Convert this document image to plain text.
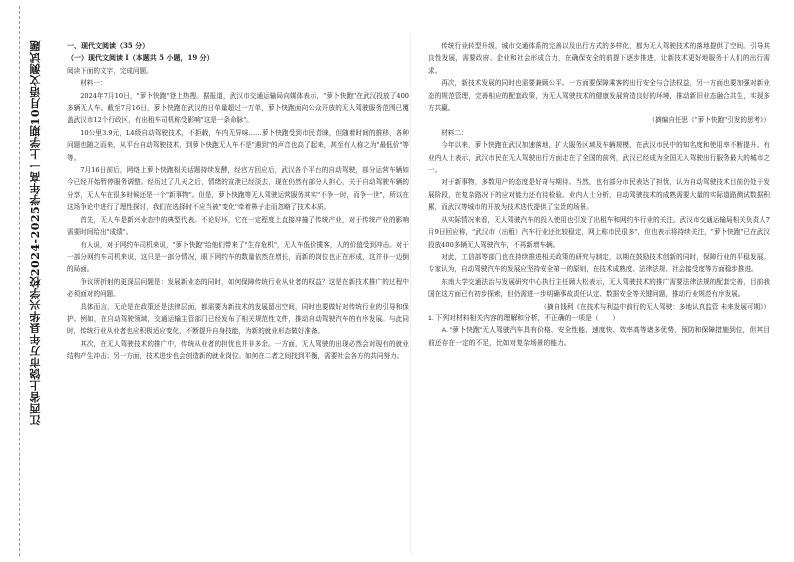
江西省上饶市万年县华兴学校2024-2025学年高一上学期10月语文测试题	一、现代文阅读（35 分）
（一）现代文阅读 I（本题共 5 小题，19 分）

阅读下面的文字，完成问题。

材料一：

2024年7月10日，"萝卜快跑"登上热搜。据报道，武汉市交通运输局向媒体表示，"萝卜快跑"在武汉投放了400多辆无人车。截至7月16日，萝卜快跑在武汉的日单量超过一万单，萝卜快跑面向公众开放的无人驾驶服务范围已覆盖武汉市12个行政区，有出租车司机称受影响"这是一条命脉"。

10公里3.9元，L4级自动驾驶技术，不拒载，车内无异味……萝卜快跑受到市民青睐，但随着时间的推移，各种问题也随之而来，从平台自动驾驶技术，到萝卜快跑无人车不是"遇到"的声音也高了起来，甚至有人称之为"最低价"等等。

7月16日前后，网络上萝卜快跑相关话题持续发酵，经官方回应后，武汉各个平台的自动驾驶，部分运营车辆如今已经开始暂停服务调整。经历过了几天之后，情绪的宣泄已经淡去，现在仍然有部分人担心，关于自动驾驶车辆的分享，无人车在很多时候还是一个"新事物"。但是，萝卜快跑等无人驾驶运营服务其实"不争一时，而争一世"，所以在这场争论中进行了理性探讨，我们在选择时不应当被"变化"牵着鼻子走而忽略了技术本质。

首先，无人车是新兴业态中的典型代表。不论好坏，它在一定程度上直接冲撞了传统产业，对于传统产业的影响需要时间给出"成绩"。

有人说，对于网约车司机来说，"萝卜快跑"给他们带来了"生存危机"，无人车低价揽客，人的价值受到冲击。对于一部分网约车司机来说，这只是一部分情况，眼下网约车的数量依然在增长，而新的岗位也正在形成，这并非一边倒的局面。

争议所折射的更深层问题是：发展新业态的同时，如何保障传统行业从业者的权益？这是在新技术推广的过程中必须面对的问题。

具体而言，无论是在政策还是法律层面，都需要为新技术的发展留出空间，同时也要做好对传统行业的引导和保护。例如，在自动驾驶领域，交通运输主管部门已经发布了相关规范性文件，推动自动驾驶汽车的有序发展。与此同时，传统行业从业者也应积极适应变化，不断提升自身技能，为新的就业形态做好准备。

其次，在无人驾驶技术的推广中，传统从业者的担忧也并非多余。一方面，无人驾驶的出现必然会对现有的就业结构产生冲击；另一方面，技术进步也会创造新的就业岗位。如何在二者之间找到平衡，需要社会各方的共同努力。

传统行业转型升级，城市交通体系的完善以及出行方式的多样化，都为无人驾驶技术的落地提供了空间。引导其良性发展，需要政府、企业和社会形成合力，在确保安全的前提下逐步推进，让新技术更好地服务于人们的出行需求。

再次，新技术发展的同时也需要兼顾公平。一方面要保障乘客的出行安全与合法权益，另一方面也要加强对新业态的规范管理，完善相应的配套政策，为无人驾驶技术的健康发展营造良好的环境，推动新旧业态融合共生，实现多方共赢。

（摘编自任思《"萝卜快跑"引发的思考》）

材料二：

今年以来，萝卜快跑在武汉加速落地，扩大服务区域及车辆规模，在武汉市民中的知名度和使用率不断提升。有业内人士表示，武汉市民在无人驾驶出行方面走在了全国的前列，武汉已经成为全国无人驾驶出行服务最大的城市之一。

对于新事物，多数用户的态度是好奇与期待。当然，也有部分市民表达了担忧，认为自动驾驶技术目前仍处于发展阶段，在复杂路况下的应对能力还有待检验。业内人士分析，自动驾驶技术的成熟需要大量的实际道路测试数据积累，而武汉等城市的开放为技术迭代提供了宝贵的场景。

从实际情况来看，无人驾驶汽车的投入使用也引发了出租车和网约车行业的关注。武汉市交通运输局相关负责人7月9日回应称，"武汉市（出租）汽车行业还比较稳定，网上称市民很多"，但也表示将持续关注，"萝卜快跑"已在武汉投放400多辆无人驾驶汽车，不再新增车辆。

对此，工信部等部门也在持续推进相关政策的研究与制定，以期在鼓励技术创新的同时，保障行业的平稳发展。专家认为，自动驾驶汽车的发展应坚持安全第一的原则，在技术成熟度、法律法规、社会接受度等方面稳步推进。

东南大学交通法治与发展研究中心执行主任顾大松表示，无人驾驶技术的推广需要法律法规的配套完善，目前我国在这方面已有初步探索，但仍需进一步明确事故责任认定、数据安全等关键问题，推动行业规范有序发展。

（摘自钱利《在技术与利益中前行的无人驾驶：多地认真监管 未来发展可期》）

1. 下列对材料相关内容的理解和分析，不正确的一项是（　　）

A. "萝卜快跑"无人驾驶汽车具有价格、安全性能、速度快、效率高等诸多优势，预防和保障措施到位，但其目前还存在一定的不足，比如对复杂场景的能力。
